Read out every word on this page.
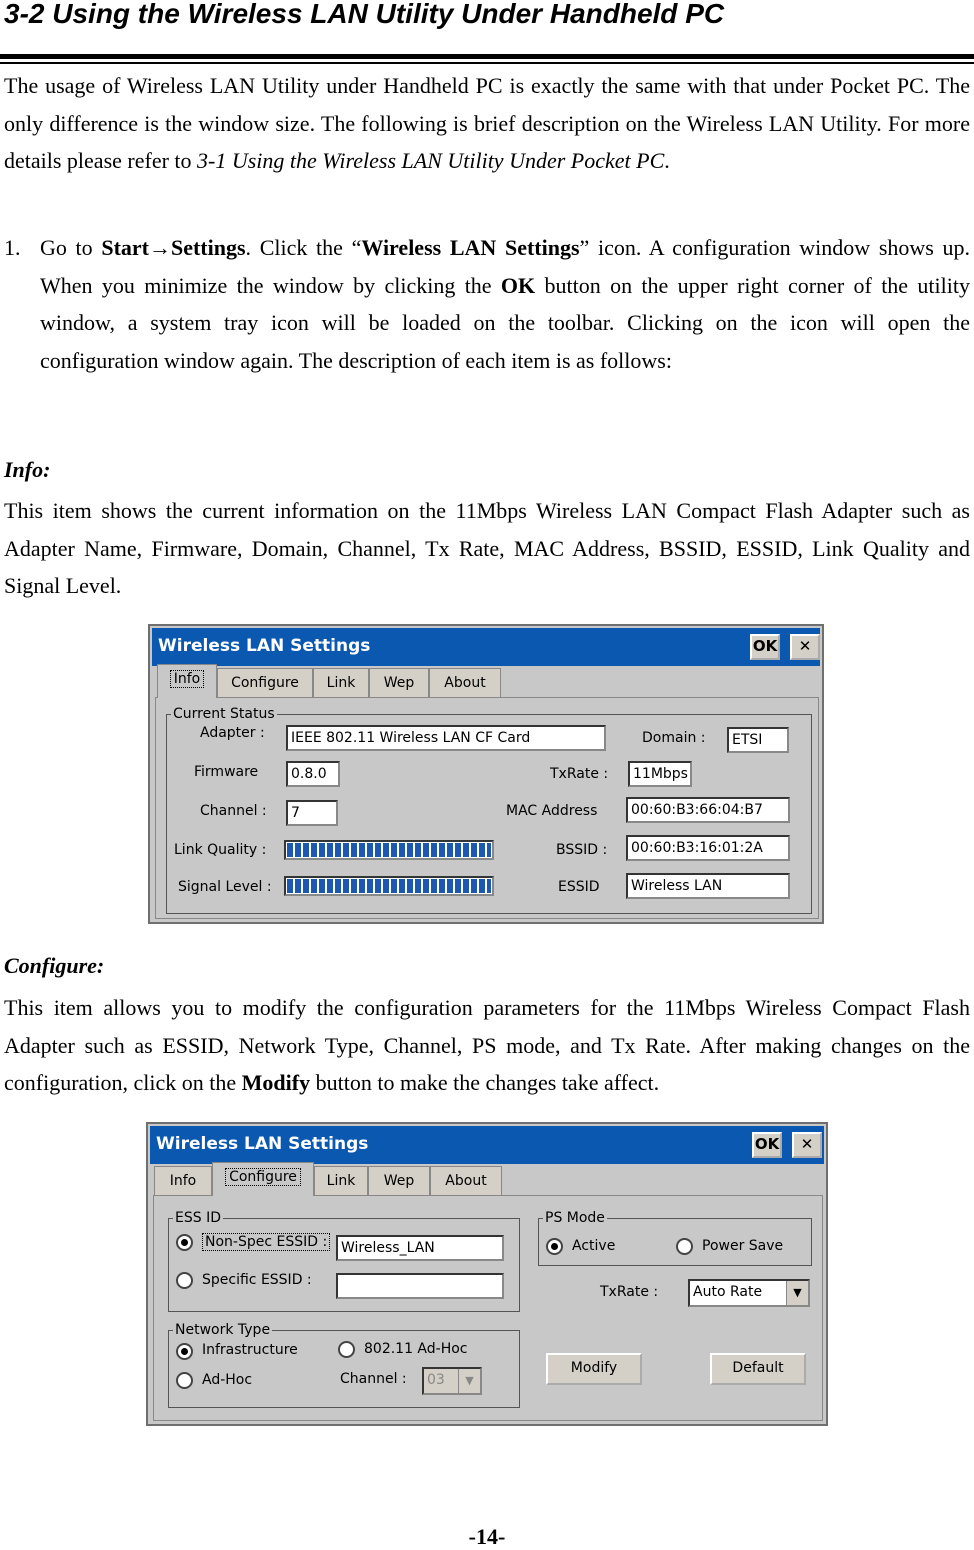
3-2 Using the Wireless LAN Utility Under Handheld PC

The usage of Wireless LAN Utility under Handheld PC is exactly the same with that under Pocket PC. The only difference is the window size. The following is brief description on the Wireless LAN Utility. For more details please refer to 3-1 Using the Wireless LAN Utility Under Pocket PC.

1. Go to Start→Settings. Click the “Wireless LAN Settings” icon. A configuration window shows up. When you minimize the window by clicking the OK button on the upper right corner of the utility window, a system tray icon will be loaded on the toolbar. Clicking on the icon will open the configuration window again. The description of each item is as follows:

Info:

This item shows the current information on the 11Mbps Wireless LAN Compact Flash Adapter such as Adapter Name, Firmware, Domain, Channel, Tx Rate, MAC Address, BSSID, ESSID, Link Quality and Signal Level.

Wireless LAN Settings	OK	✕
Info	Configure	Link	Wep	About
Current Status
Adapter :	IEEE 802.11 Wireless LAN CF Card	Domain :	ETSI
Firmware	0.8.0	TxRate :	11Mbps
Channel :	7	MAC Address	00:60:B3:66:04:B7
Link Quality :	BSSID :	00:60:B3:16:01:2A
Signal Level :	ESSID	Wireless LAN

Configure:

This item allows you to modify the configuration parameters for the 11Mbps Wireless Compact Flash Adapter such as ESSID, Network Type, Channel, PS mode, and Tx Rate. After making changes on the configuration, click on the Modify button to make the changes take affect.

Wireless LAN Settings	OK	✕
Info	Configure	Link	Wep	About
ESS ID
Non-Spec ESSID : Wireless_LAN
Specific ESSID :
PS Mode
Active	Power Save
TxRate :	Auto Rate	▼
Network Type
Infrastructure	802.11 Ad-Hoc
Ad-Hoc	Channel :	03	▼
Modify	Default
-14-
